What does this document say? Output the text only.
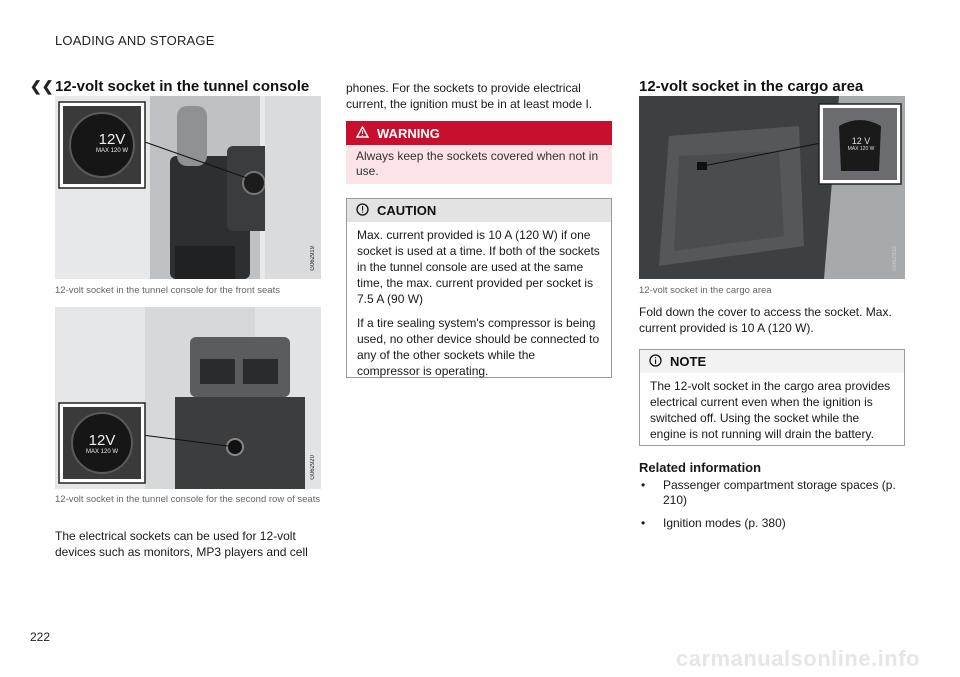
LOADING AND STORAGE
❮❮ 12-volt socket in the tunnel console
12V
MAX 120 W
G062919
12-volt socket in the tunnel console for the front seats
12V
MAX 120 W
G062920
12-volt socket in the tunnel console for the second row of seats
The electrical sockets can be used for 12-volt devices such as monitors, MP3 players and cell
phones. For the sockets to provide electrical current, the ignition must be in at least mode I.
WARNING
Always keep the sockets covered when not in use.
CAUTION

Max. current provided is 10 A (120 W) if one socket is used at a time. If both of the sockets in the tunnel console are used at the same time, the max. current provided per socket is 7.5 A (90 W)

If a tire sealing system's compressor is being used, no other device should be connected to any of the other sockets while the compressor is operating.

12-volt socket in the cargo area
12 V
MAX 120 W
G062932
12-volt socket in the cargo area
Fold down the cover to access the socket. Max. current provided is 10 A (120 W).
NOTE
The 12-volt socket in the cargo area provides electrical current even when the ignition is switched off. Using the socket while the engine is not running will drain the battery.
Related information
• Passenger compartment storage spaces (p. 210)
• Ignition modes (p. 380)
222
carmanualsonline.info
